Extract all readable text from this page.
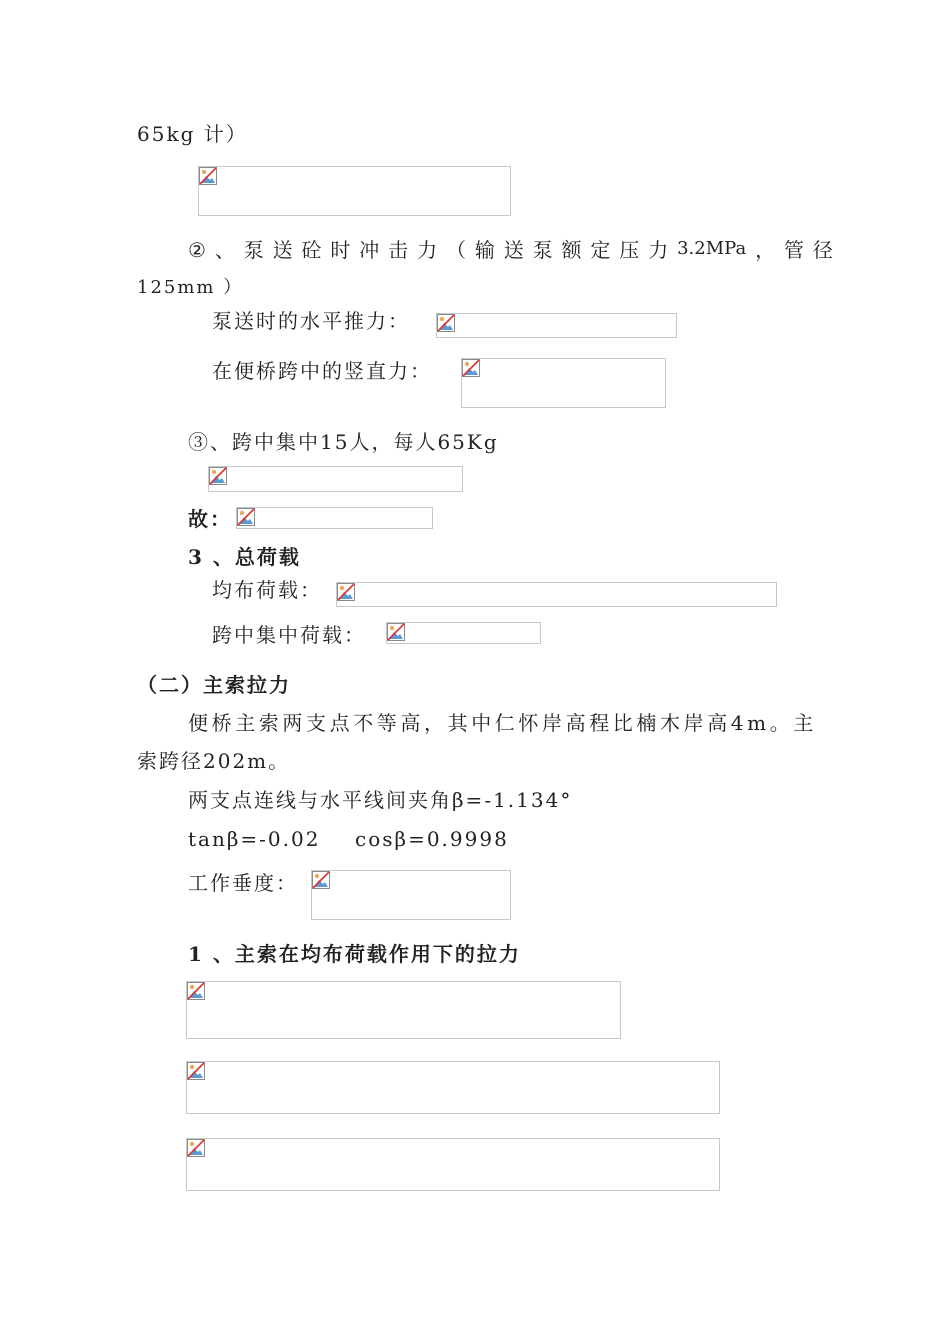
65kg 计）
② 、 泵 送 砼 时 冲 击 力 （ 输 送 泵 额 定 压 力 3.2MPa ， 管 径
125mm ）
泵送时的水平推力：
在便桥跨中的竖直力：
③、跨中集中15人，每人65Kg
故：
3 、总荷载
均布荷载：
跨中集中荷载：
（二）主索拉力
便桥主索两支点不等高，其中仁怀岸高程比楠木岸高4m。主
索跨径202m。
两支点连线与水平线间夹角β=-1.134°
tanβ=-0.02 cosβ=0.9998
工作垂度：
1 、主索在均布荷载作用下的拉力
